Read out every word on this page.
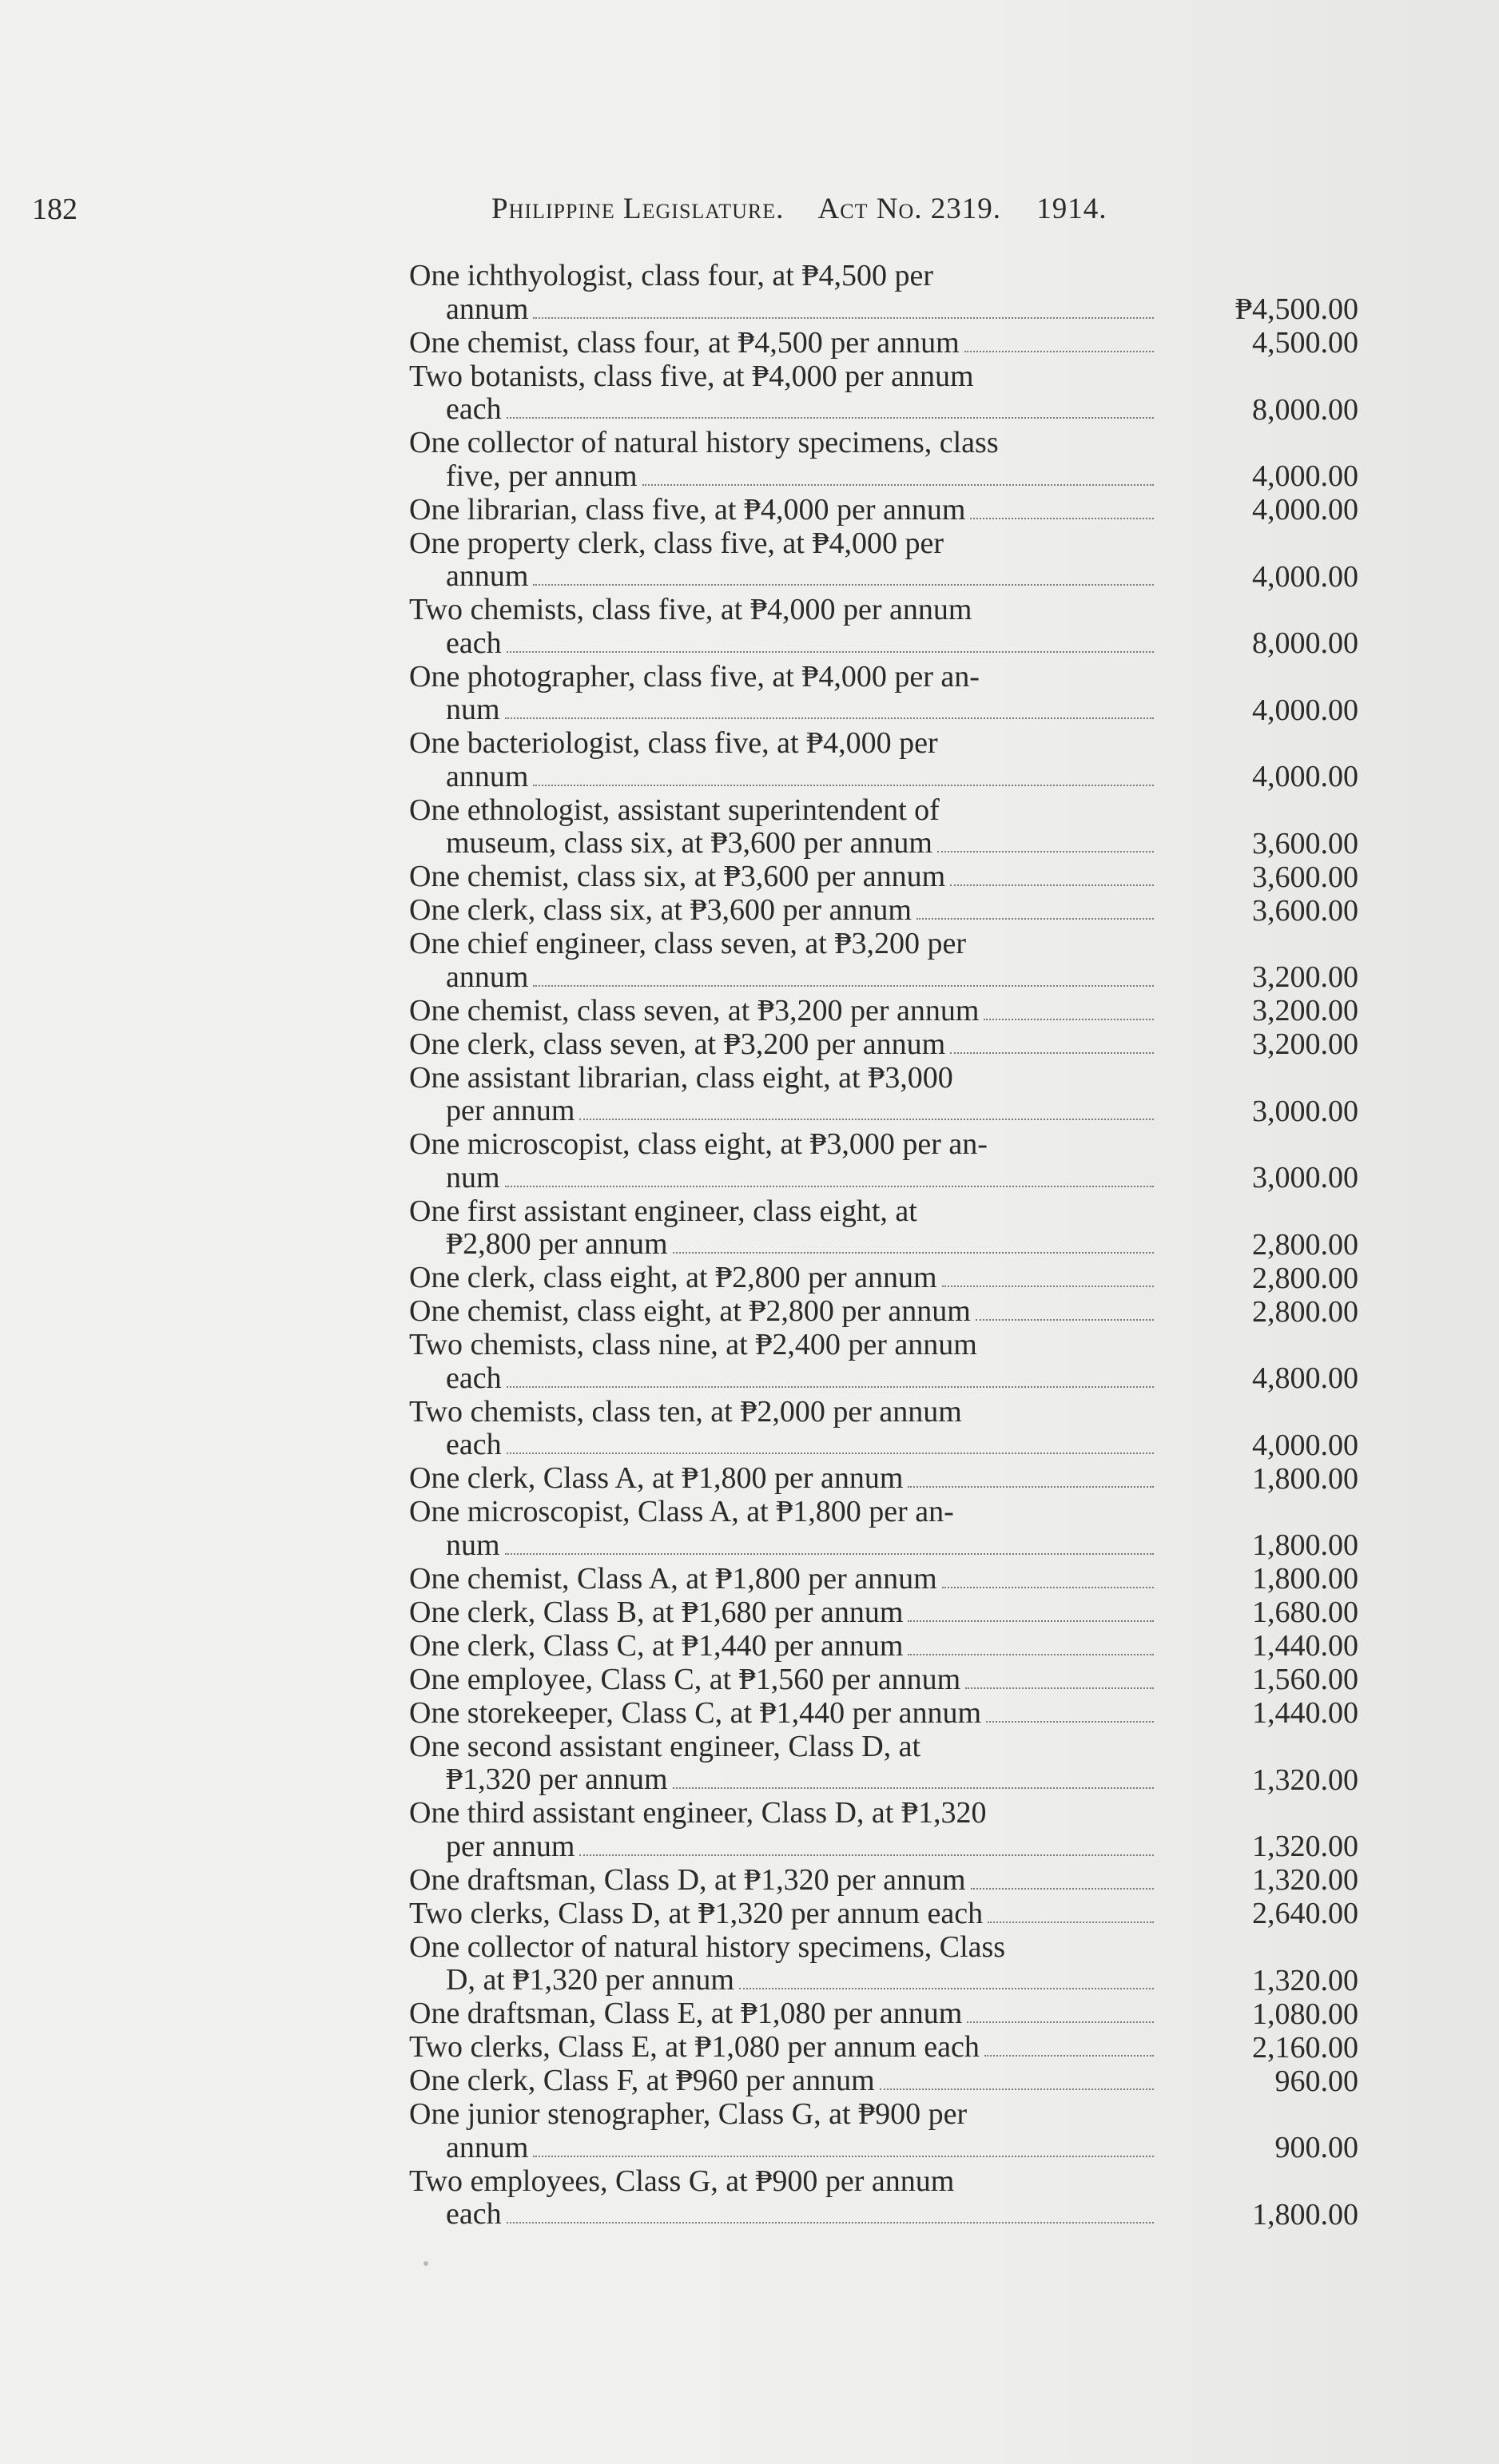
182	Philippine Legislature. Act No. 2319. 1914.
One ichthyologist, class four, at ₱4,500 per
annum	₱4,500.00
One chemist, class four, at ₱4,500 per annum	4,500.00
Two botanists, class five, at ₱4,000 per annum
each	8,000.00
One collector of natural history specimens, class
five, per annum	4,000.00
One librarian, class five, at ₱4,000 per annum	4,000.00
One property clerk, class five, at ₱4,000 per
annum	4,000.00
Two chemists, class five, at ₱4,000 per annum
each	8,000.00
One photographer, class five, at ₱4,000 per an-
num	4,000.00
One bacteriologist, class five, at ₱4,000 per
annum	4,000.00
One ethnologist, assistant superintendent of
museum, class six, at ₱3,600 per annum	3,600.00
One chemist, class six, at ₱3,600 per annum	3,600.00
One clerk, class six, at ₱3,600 per annum	3,600.00
One chief engineer, class seven, at ₱3,200 per
annum	3,200.00
One chemist, class seven, at ₱3,200 per annum	3,200.00
One clerk, class seven, at ₱3,200 per annum	3,200.00
One assistant librarian, class eight, at ₱3,000
per annum	3,000.00
One microscopist, class eight, at ₱3,000 per an-
num	3,000.00
One first assistant engineer, class eight, at
₱2,800 per annum	2,800.00
One clerk, class eight, at ₱2,800 per annum	2,800.00
One chemist, class eight, at ₱2,800 per annum	2,800.00
Two chemists, class nine, at ₱2,400 per annum
each	4,800.00
Two chemists, class ten, at ₱2,000 per annum
each	4,000.00
One clerk, Class A, at ₱1,800 per annum	1,800.00
One microscopist, Class A, at ₱1,800 per an-
num	1,800.00
One chemist, Class A, at ₱1,800 per annum	1,800.00
One clerk, Class B, at ₱1,680 per annum	1,680.00
One clerk, Class C, at ₱1,440 per annum	1,440.00
One employee, Class C, at ₱1,560 per annum	1,560.00
One storekeeper, Class C, at ₱1,440 per annum	1,440.00
One second assistant engineer, Class D, at
₱1,320 per annum	1,320.00
One third assistant engineer, Class D, at ₱1,320
per annum	1,320.00
One draftsman, Class D, at ₱1,320 per annum	1,320.00
Two clerks, Class D, at ₱1,320 per annum each	2,640.00
One collector of natural history specimens, Class
D, at ₱1,320 per annum	1,320.00
One draftsman, Class E, at ₱1,080 per annum	1,080.00
Two clerks, Class E, at ₱1,080 per annum each	2,160.00
One clerk, Class F, at ₱960 per annum	960.00
One junior stenographer, Class G, at ₱900 per
annum	900.00
Two employees, Class G, at ₱900 per annum
each	1,800.00
